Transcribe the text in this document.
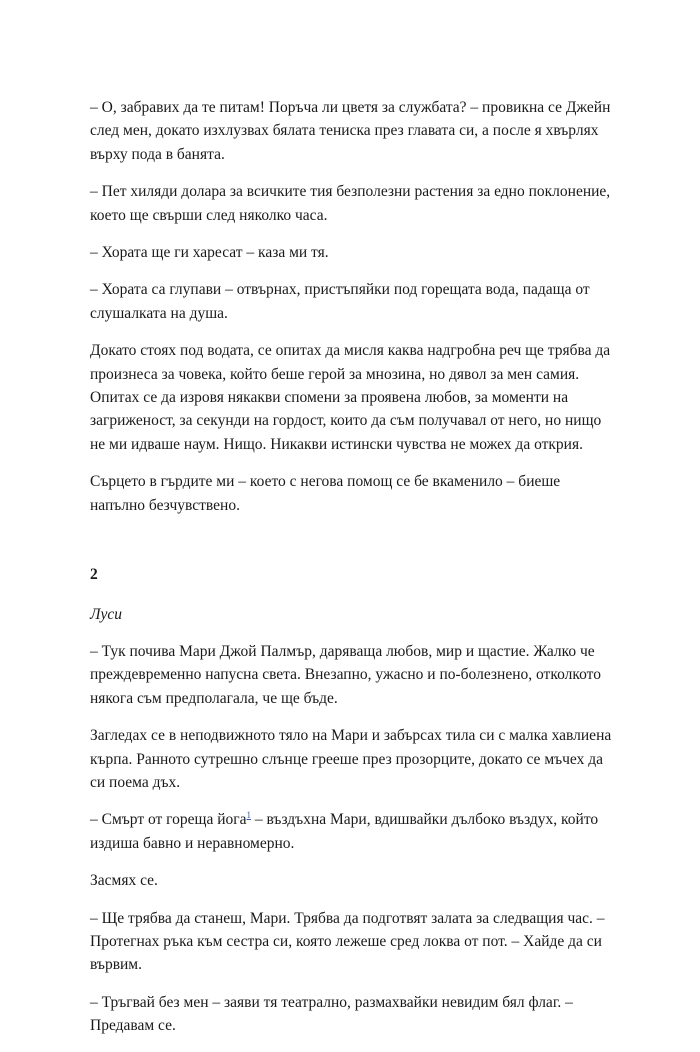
– О, забравих да те питам! Поръча ли цветя за службата? – провикна се Джейн след мен, докато изхлузвах бялата тениска през главата си, а после я хвърлях върху пода в банята.

– Пет хиляди долара за всичките тия безполезни растения за едно поклонение, което ще свърши след няколко часа.

– Хората ще ги харесат – каза ми тя.

– Хората са глупави – отвърнах, пристъпяйки под горещата вода, падаща от слушалката на душа.

Докато стоях под водата, се опитах да мисля каква надгробна реч ще трябва да произнеса за човека, който беше герой за мнозина, но дявол за мен самия. Опитах се да изровя някакви спомени за проявена любов, за моменти на загриженост, за секунди на гордост, които да съм получавал от него, но нищо не ми идваше наум. Нищо. Никакви истински чувства не можех да открия.

Сърцето в гърдите ми – което с негова помощ се бе вкаменило – биеше напълно безчувствено.

2

Луси

– Тук почива Мари Джой Палмър, даряваща любов, мир и щастие. Жалко че преждевременно напусна света. Внезапно, ужасно и по-болезнено, отколкото някога съм предполагала, че ще бъде.

Загледах се в неподвижното тяло на Мари и забърсах тила си с малка хавлиена кърпа. Ранното сутрешно слънце грееше през прозорците, докато се мъчех да си поема дъх.

– Смърт от гореща йога$^1$ – въздъхна Мари, вдишвайки дълбоко въздух, който издиша бавно и неравномерно.

Засмях се.

– Ще трябва да станеш, Мари. Трябва да подготвят залата за следващия час. – Протегнах ръка към сестра си, която лежеше сред локва от пот. – Хайде да си вървим.

– Тръгвай без мен – заяви тя театрално, размахвайки невидим бял флаг. – Предавам се.
